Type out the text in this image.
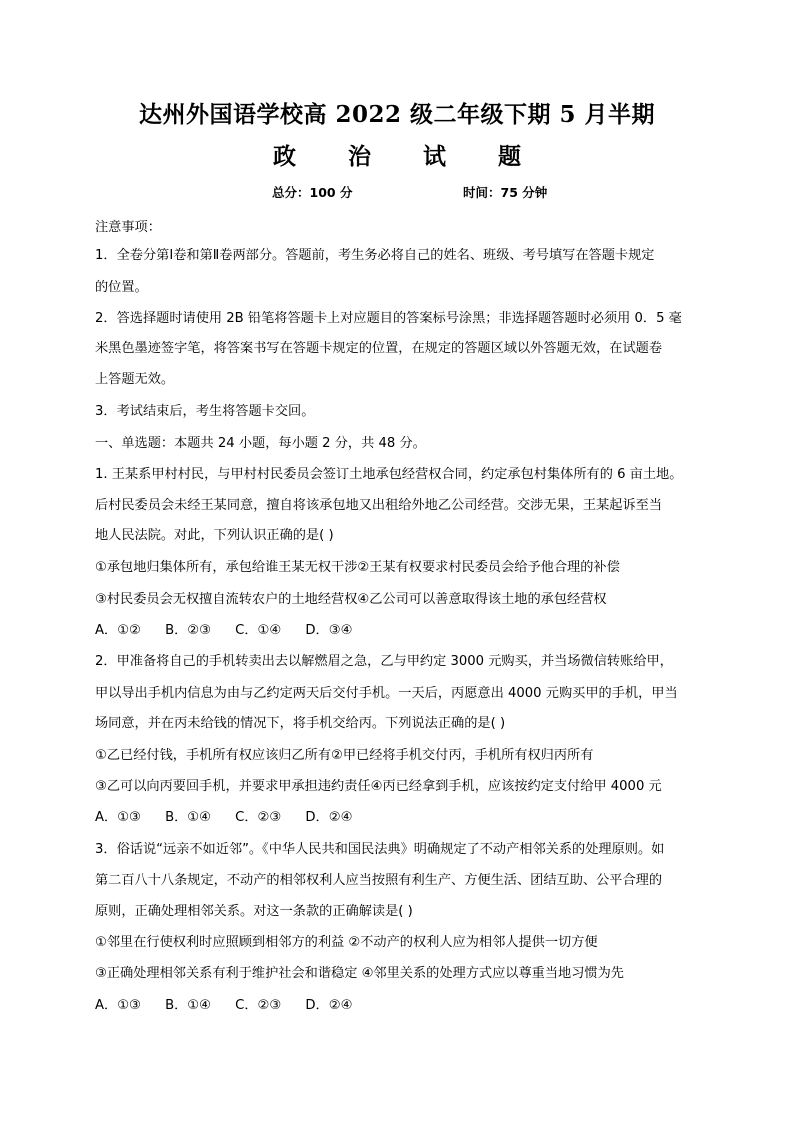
达州外国语学校高 2022 级二年级下期 5 月半期
政 治 试 题
总分：100 分	时间：75 分钟
注意事项：
1．全卷分第Ⅰ卷和第Ⅱ卷两部分。答题前，考生务必将自己的姓名、班级、考号填写在答题卡规定
的位置。
2．答选择题时请使用 2B 铅笔将答题卡上对应题目的答案标号涂黑；非选择题答题时必须用 0．5 毫
米黑色墨迹签字笔，将答案书写在答题卡规定的位置，在规定的答题区域以外答题无效，在试题卷
上答题无效。
3．考试结束后，考生将答题卡交回。
一、单选题：本题共 24 小题，每小题 2 分，共 48 分。
1. 王某系甲村村民，与甲村村民委员会签订土地承包经营权合同，约定承包村集体所有的 6 亩土地。
后村民委员会未经王某同意，擅自将该承包地又出租给外地乙公司经营。交涉无果，王某起诉至当
地人民法院。对此，下列认识正确的是( )
①承包地归集体所有，承包给谁王某无权干涉②王某有权要求村民委员会给予他合理的补偿
③村民委员会无权擅自流转农户的土地经营权④乙公司可以善意取得该土地的承包经营权
A．①② B．②③ C．①④ D．③④
2．甲准备将自己的手机转卖出去以解燃眉之急，乙与甲约定 3000 元购买，并当场微信转账给甲，
甲以导出手机内信息为由与乙约定两天后交付手机。一天后，丙愿意出 4000 元购买甲的手机，甲当
场同意，并在丙未给钱的情况下，将手机交给丙。下列说法正确的是( )
①乙已经付钱，手机所有权应该归乙所有②甲已经将手机交付丙，手机所有权归丙所有
③乙可以向丙要回手机，并要求甲承担违约责任④丙已经拿到手机，应该按约定支付给甲 4000 元
A．①③ B．①④ C．②③ D．②④
3．俗话说“远亲不如近邻”。《中华人民共和国民法典》明确规定了不动产相邻关系的处理原则。如
第二百八十八条规定，不动产的相邻权利人应当按照有利生产、方便生活、团结互助、公平合理的
原则，正确处理相邻关系。对这一条款的正确解读是( )
①邻里在行使权利时应照顾到相邻方的利益 ②不动产的权利人应为相邻人提供一切方便
③正确处理相邻关系有利于维护社会和谐稳定 ④邻里关系的处理方式应以尊重当地习惯为先
A．①③ B．①④ C．②③ D．②④
